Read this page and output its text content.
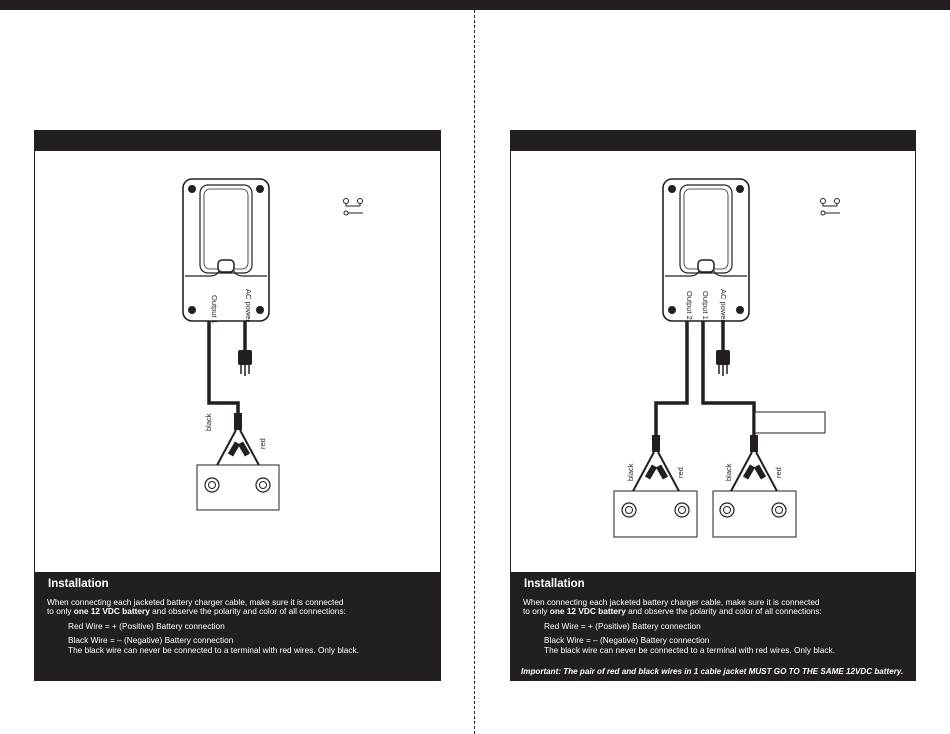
Output 1	AC power
black
red
Installation
When connecting each jacketed battery charger cable, make sure it is connected
to only one 12 VDC battery and observe the polarity and color of all connections:
Red Wire = + (Positive) Battery connection
Black Wire = – (Negative) Battery connection
The black wire can never be connected to a terminal with red wires. Only black.
Output 2 Output 1 AC power
black	red	black	red
Installation
When connecting each jacketed battery charger cable, make sure it is connected
to only one 12 VDC battery and observe the polarity and color of all connections:
Red Wire = + (Positive) Battery connection
Black Wire = – (Negative) Battery connection
The black wire can never be connected to a terminal with red wires. Only black.
Important: The pair of red and black wires in 1 cable jacket MUST GO TO THE SAME 12VDC battery.
